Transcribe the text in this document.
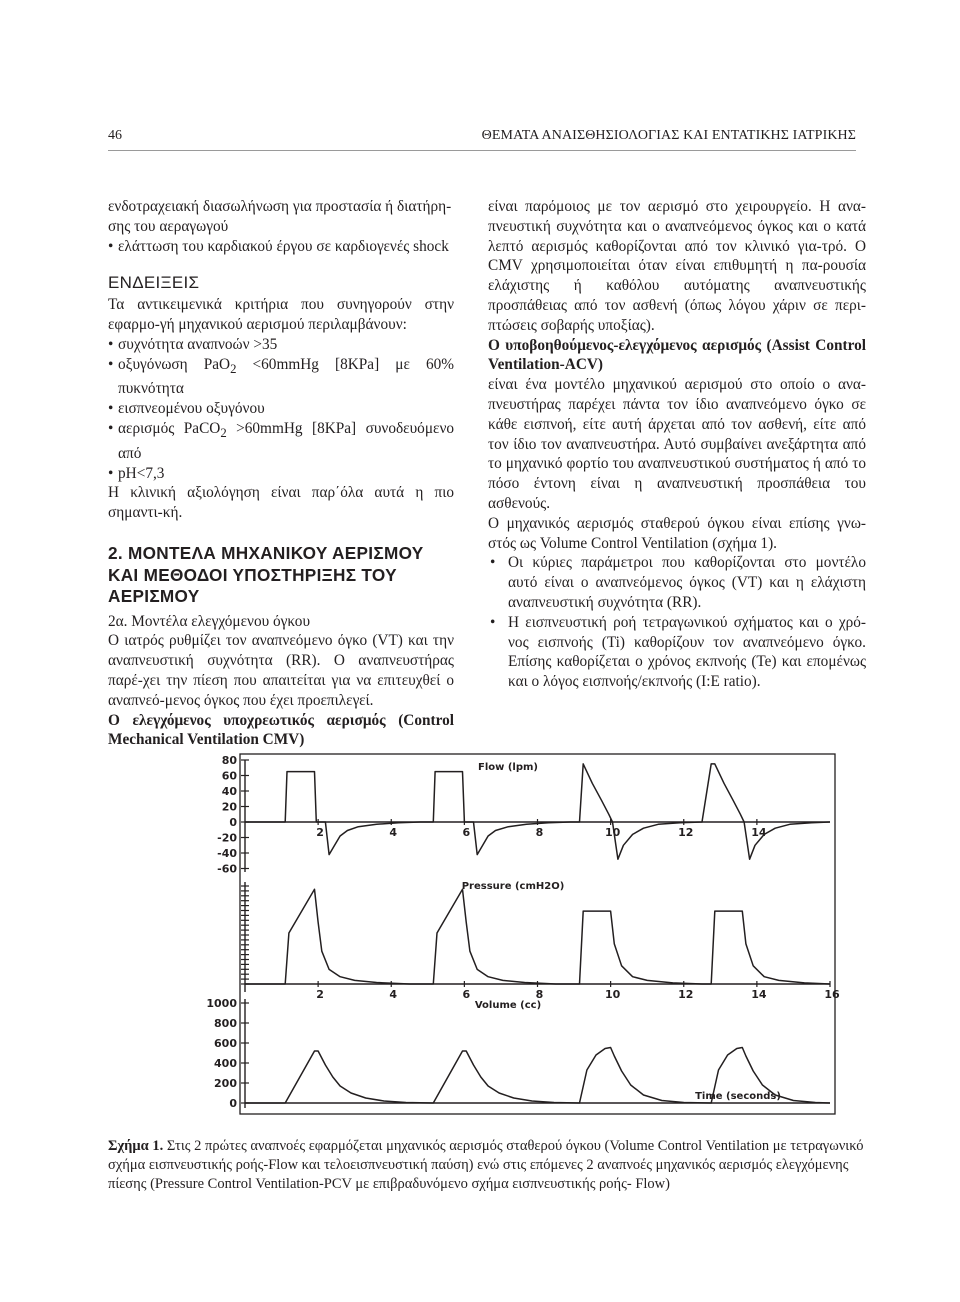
46	ΘΕΜΑΤΑ ΑΝΑΙΣΘΗΣΙΟΛΟΓΙΑΣ ΚΑΙ ΕΝΤΑΤΙΚΗΣ ΙΑΤΡΙΚΗΣ

ενδοτραχειακή διασωλήνωση για προστασία ή διατήρη-
σης του αεραγωγού

• ελάττωση του καρδιακού έργου σε καρδιογενές shock
ΕΝΔΕΙΞΕΙΣ

Τα αντικειμενικά κριτήρια που συνηγορούν στην εφαρμο-γή μηχανικού αερισμού περιλαμβάνουν:

• συχνότητα αναπνοών >35
• οξυγόνωση PaO$_2$ <60mmHg [8KPa] με 60% πυκνότητα
• εισπνεομένου οξυγόνου
• αερισμός PaCO$_2$ >60mmHg [8KPa] συνοδευόμενο από
• pH<7,3

Η κλινική αξιολόγηση είναι παρ΄όλα αυτά η πιο σημαντι-κή.

2. ΜΟΝΤΕΛΑ ΜΗΧΑΝΙΚΟΥ ΑΕΡΙΣΜΟΥ ΚΑΙ ΜΕΘΟΔΟΙ ΥΠΟΣΤΗΡΙΞΗΣ ΤΟΥ ΑΕΡΙΣΜΟΥ

2α. Μοντέλα ελεγχόμενου όγκου

Ο ιατρός ρυθμίζει τον αναπνεόμενο όγκο (VT) και την αναπνευστική συχνότητα (RR). Ο αναπνευστήρας παρέ-χει την πίεση που απαιτείται για να επιτευχθεί ο αναπνεό-μενος όγκος που έχει προεπιλεγεί.

Ο ελεγχόμενος υποχρεωτικός αερισμός (Control Mechanical Ventilation CMV)

είναι παρόμοιος με τον αερισμό στο χειρουργείο. Η ανα-πνευστική συχνότητα και ο αναπνεόμενος όγκος και ο κατά λεπτό αερισμός καθορίζονται από τον κλινικό για-τρό. Ο CMV χρησιμοποιείται όταν είναι επιθυμητή η πα-ρουσία ελάχιστης ή καθόλου αυτόματης αναπνευστικής προσπάθειας από τον ασθενή (όπως λόγου χάριν σε περι-πτώσεις σοβαρής υποξίας).

Ο υποβοηθούμενος-ελεγχόμενος αερισμός (Assist Control Ventilation-ACV)

είναι ένα μοντέλο μηχανικού αερισμού στο οποίο ο ανα-πνευστήρας παρέχει πάντα τον ίδιο αναπνεόμενο όγκο σε κάθε εισπνοή, είτε αυτή άρχεται από τον ασθενή, είτε από τον ίδιο τον αναπνευστήρα. Αυτό συμβαίνει ανεξάρτητα από το μηχανικό φορτίο του αναπνευστικού συστήματος ή από το πόσο έντονη είναι η αναπνευστική προσπάθεια του ασθενούς.

Ο μηχανικός αερισμός σταθερού όγκου είναι επίσης γνω-στός ως Volume Control Ventilation (σχήμα 1).

• Οι κύριες παράμετροι που καθορίζονται στο μοντέλο αυτό είναι ο αναπνεόμενος όγκος (VT) και η ελάχιστη αναπνευστική συχνότητα (RR).
• Η εισπνευστική ροή τετραγωνικού σχήματος και ο χρό-νος εισπνοής (Ti) καθορίζουν τον αναπνεόμενο όγκο. Επίσης καθορίζεται ο χρόνος εκπνοής (Te) και επομένως και ο λόγος εισπνοής/εκπνοής (I:E ratio).
Flow (lpm)
80
60
40
20
0
-20
-40
-60
2	4	6	8	10	12	14
Pressure (cmH2O)
2	4	6	8	10	12	14	16
Volume (cc)
1000
800
600
400
200
0
Time (seconds)
Σχήμα 1. Στις 2 πρώτες αναπνοές εφαρμόζεται μηχανικός αερισμός σταθερού όγκου (Volume Control Ventilation με τετραγωνικό σχήμα εισπνευστικής ροής-Flow και τελοεισπνευστική παύση) ενώ στις επόμενες 2 αναπνοές μηχανικός αερισμός ελεγχόμενης πίεσης (Pressure Control Ventilation-PCV με επιβραδυνόμενο σχήμα εισπνευστικής ροής- Flow)
